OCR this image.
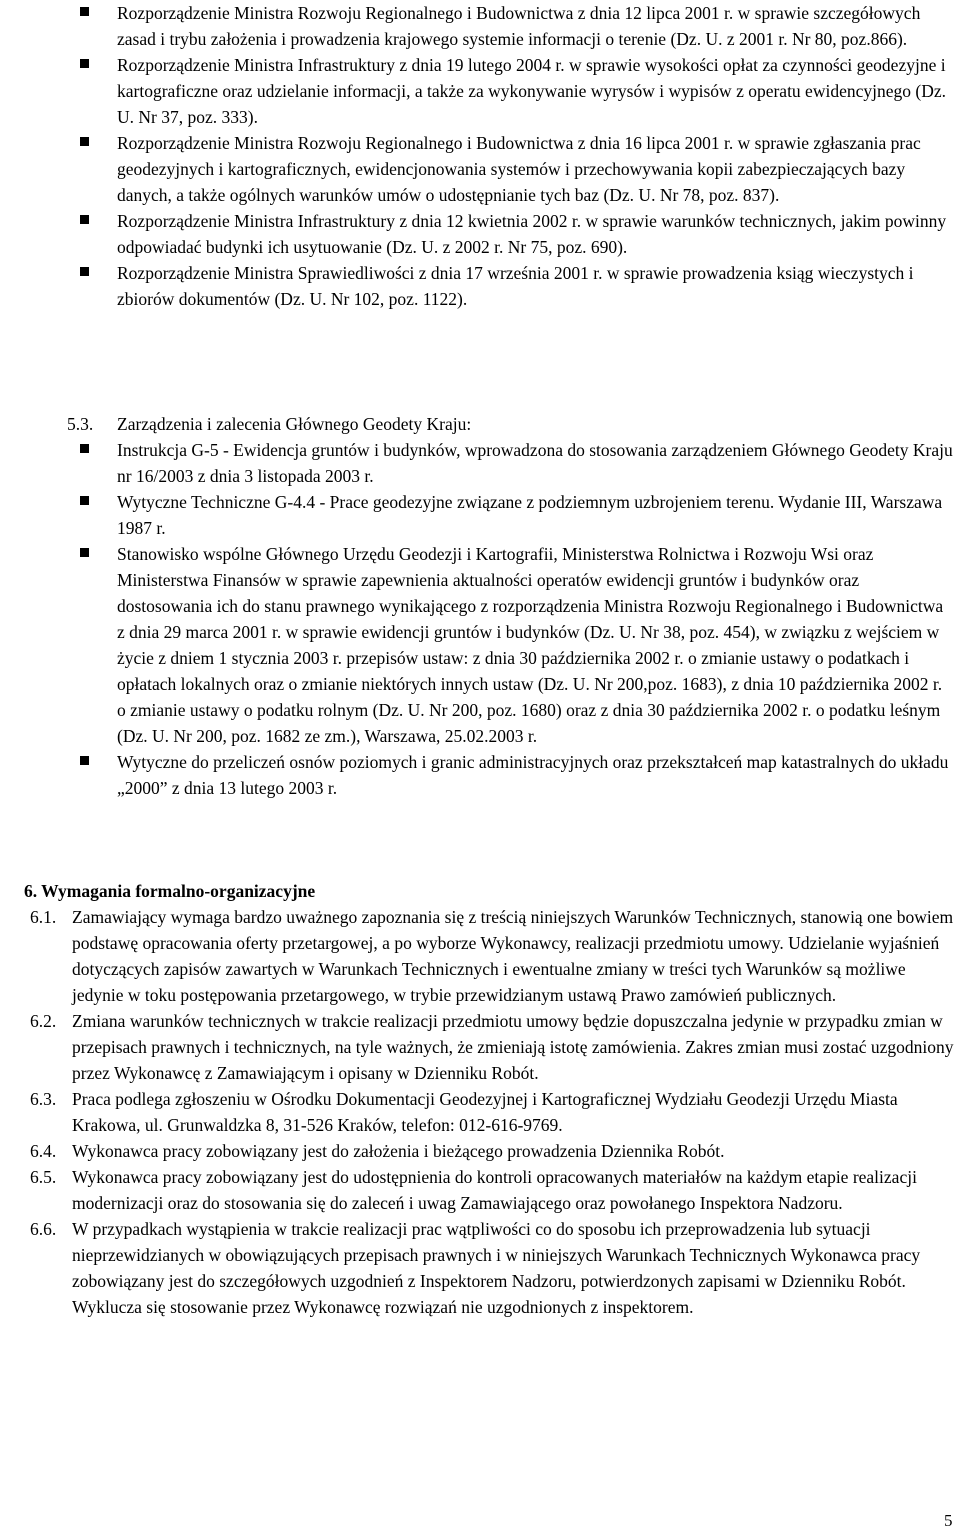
Rozporządzenie Ministra Rozwoju Regionalnego i Budownictwa z dnia 12 lipca 2001 r. w sprawie szczegółowych zasad i trybu założenia i prowadzenia krajowego systemie informacji o terenie (Dz. U. z 2001 r. Nr 80, poz.866).
Rozporządzenie Ministra Infrastruktury z dnia 19 lutego 2004 r. w sprawie wysokości opłat za czynności geodezyjne i kartograficzne oraz udzielanie informacji, a także za wykonywanie wyrysów i wypisów z operatu ewidencyjnego (Dz. U. Nr 37, poz. 333).
Rozporządzenie Ministra Rozwoju Regionalnego i Budownictwa z dnia 16 lipca 2001 r. w sprawie zgłaszania prac geodezyjnych i kartograficznych, ewidencjonowania systemów i przechowywania kopii zabezpieczających bazy danych, a także ogólnych warunków umów o udostępnianie tych baz (Dz. U. Nr 78, poz. 837).
Rozporządzenie Ministra Infrastruktury z dnia 12 kwietnia 2002 r. w sprawie warunków technicznych, jakim powinny odpowiadać budynki ich usytuowanie (Dz. U. z 2002 r. Nr 75, poz. 690).
Rozporządzenie Ministra Sprawiedliwości z dnia 17 września 2001 r. w sprawie prowadzenia ksiąg wieczystych i zbiorów dokumentów (Dz. U. Nr 102, poz. 1122).
5.3. Zarządzenia i zalecenia Głównego Geodety Kraju:
Instrukcja G-5 - Ewidencja gruntów i budynków, wprowadzona do stosowania zarządzeniem Głównego Geodety Kraju nr 16/2003 z dnia 3 listopada 2003 r.
Wytyczne Techniczne G-4.4 - Prace geodezyjne związane z podziemnym uzbrojeniem terenu. Wydanie III, Warszawa 1987 r.
Stanowisko wspólne Głównego Urzędu Geodezji i Kartografii, Ministerstwa Rolnictwa i Rozwoju Wsi oraz Ministerstwa Finansów w sprawie zapewnienia aktualności operatów ewidencji gruntów i budynków oraz dostosowania ich do stanu prawnego wynikającego z rozporządzenia Ministra Rozwoju Regionalnego i Budownictwa z dnia 29 marca 2001 r. w sprawie ewidencji gruntów i budynków (Dz. U. Nr 38, poz. 454), w związku z wejściem w życie z dniem 1 stycznia 2003 r. przepisów ustaw: z dnia 30 października 2002 r. o zmianie ustawy o podatkach i opłatach lokalnych oraz o zmianie niektórych innych ustaw (Dz. U. Nr 200,poz. 1683), z dnia 10 października 2002 r. o zmianie ustawy o podatku rolnym (Dz. U. Nr 200, poz. 1680) oraz z dnia 30 października 2002 r. o podatku leśnym (Dz. U. Nr 200, poz. 1682 ze zm.), Warszawa, 25.02.2003 r.
Wytyczne do przeliczeń osnów poziomych i granic administracyjnych oraz przekształceń map katastralnych do układu „2000” z dnia 13 lutego 2003 r.
6. Wymagania formalno-organizacyjne
6.1. Zamawiający wymaga bardzo uważnego zapoznania się z treścią niniejszych Warunków Technicznych, stanowią one bowiem podstawę opracowania oferty przetargowej, a po wyborze Wykonawcy, realizacji przedmiotu umowy. Udzielanie wyjaśnień dotyczących zapisów zawartych w Warunkach Technicznych i ewentualne zmiany w treści tych Warunków są możliwe jedynie w toku postępowania przetargowego, w trybie przewidzianym ustawą Prawo zamówień publicznych.
6.2. Zmiana warunków technicznych w trakcie realizacji przedmiotu umowy będzie dopuszczalna jedynie w przypadku zmian w przepisach prawnych i technicznych, na tyle ważnych, że zmieniają istotę zamówienia. Zakres zmian musi zostać uzgodniony przez Wykonawcę z Zamawiającym i opisany w Dzienniku Robót.
6.3. Praca podlega zgłoszeniu w Ośrodku Dokumentacji Geodezyjnej i Kartograficznej Wydziału Geodezji Urzędu Miasta Krakowa, ul. Grunwaldzka 8, 31-526 Kraków, telefon: 012-616-9769.
6.4. Wykonawca pracy zobowiązany jest do założenia i bieżącego prowadzenia Dziennika Robót.
6.5. Wykonawca pracy zobowiązany jest do udostępnienia do kontroli opracowanych materiałów na każdym etapie realizacji modernizacji oraz do stosowania się do zaleceń i uwag Zamawiającego oraz powołanego Inspektora Nadzoru.
6.6. W przypadkach wystąpienia w trakcie realizacji prac wątpliwości co do sposobu ich przeprowadzenia lub sytuacji nieprzewidzianych w obowiązujących przepisach prawnych i w niniejszych Warunkach Technicznych Wykonawca pracy zobowiązany jest do szczegółowych uzgodnień z Inspektorem Nadzoru, potwierdzonych zapisami w Dzienniku Robót. Wyklucza się stosowanie przez Wykonawcę rozwiązań nie uzgodnionych z inspektorem.
5
